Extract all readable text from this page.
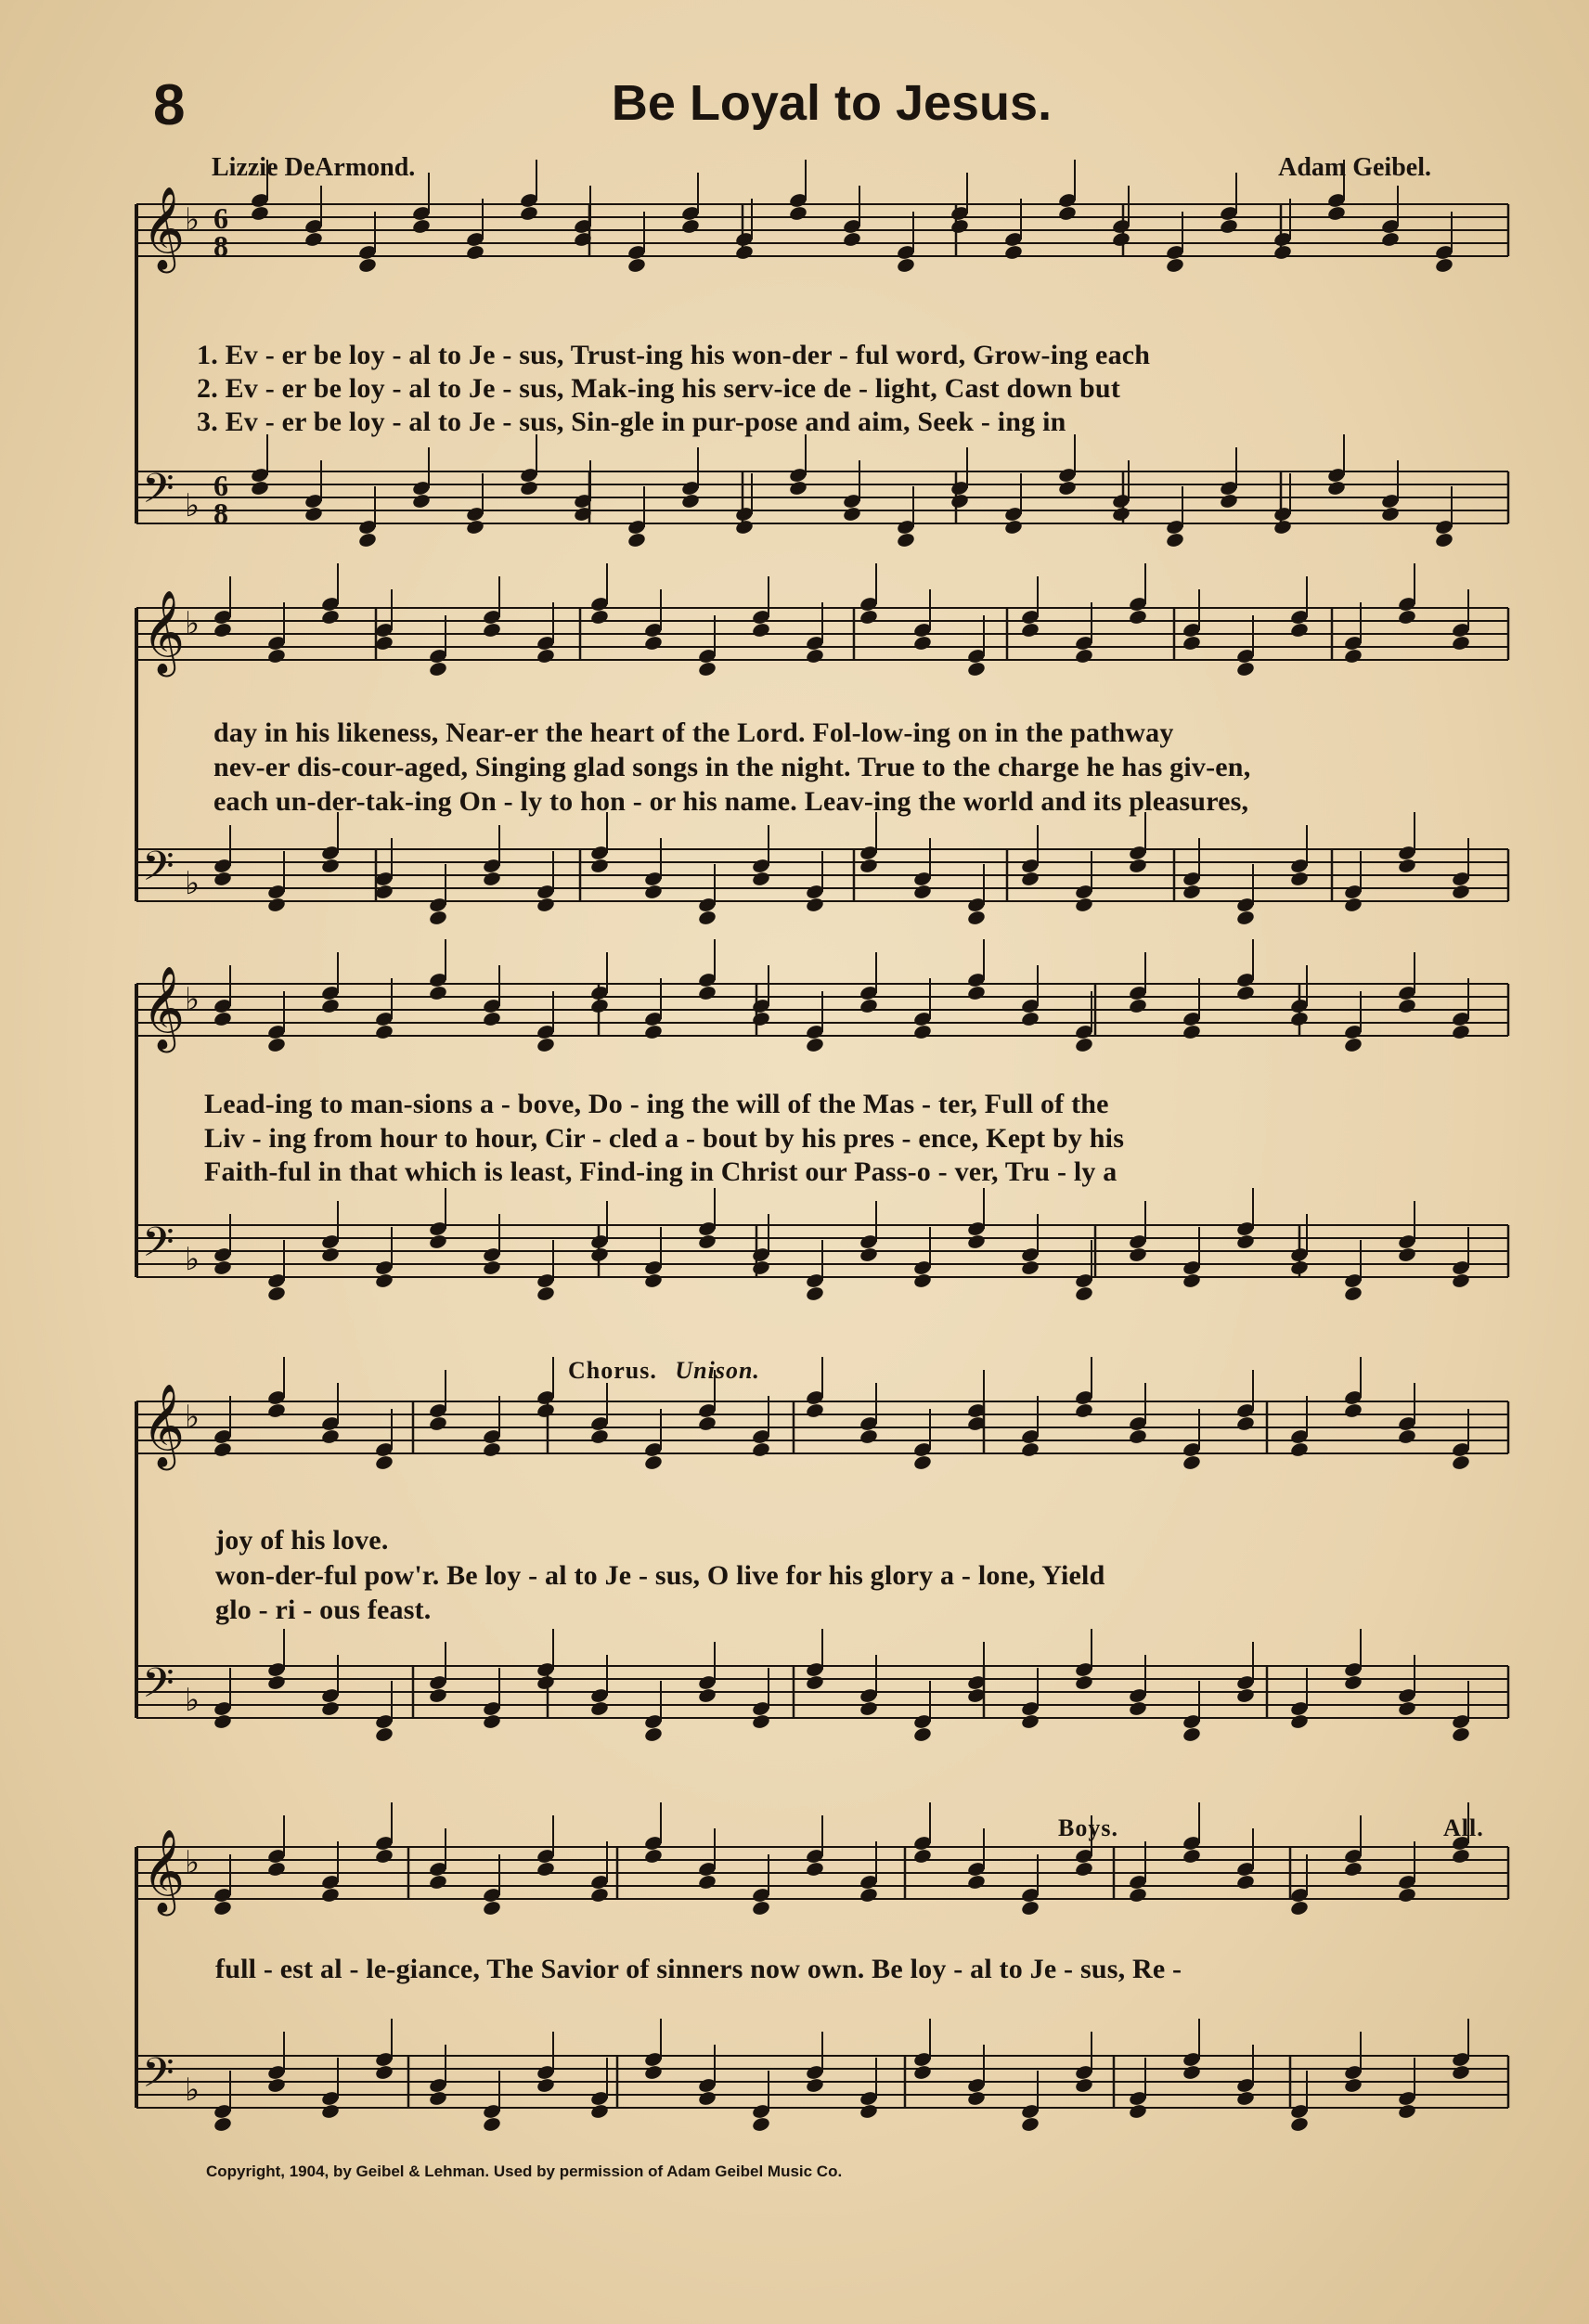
8	Be Loyal to Jesus.
Lizzie DeArmond.	Adam Geibel.
𝄞 ♭
𝄢 ♭
6
8
6
8
1. Ev - er be loy - al to Je - sus, Trust-ing his won-der - ful word, Grow-ing each
2. Ev - er be loy - al to Je - sus, Mak-ing his serv-ice de - light, Cast down but
3. Ev - er be loy - al to Je - sus, Sin-gle in pur-pose and aim, Seek - ing in
𝄞 ♭
𝄢 ♭
day in his likeness, Near-er the heart of the Lord. Fol-low-ing on in the pathway
nev-er dis-cour-aged, Singing glad songs in the night. True to the charge he has giv-en,
each un-der-tak-ing On - ly to hon - or his name. Leav-ing the world and its pleasures,
𝄞 ♭
𝄢 ♭
Lead-ing to man-sions a - bove, Do - ing the will of the Mas - ter, Full of the
Liv - ing from hour to hour, Cir - cled a - bout by his pres - ence, Kept by his
Faith-ful in that which is least, Find-ing in Christ our Pass-o - ver, Tru - ly a
𝄞 ♭
𝄢 ♭
Chorus. Unison.
joy of his love.
won-der-ful pow'r. Be loy - al to Je - sus, O live for his glory a - lone, Yield
glo - ri - ous feast.
𝄞 ♭
𝄢 ♭
Boys.	All.
full - est al - le-giance, The Savior of sinners now own. Be loy - al to Je - sus, Re -
Copyright, 1904, by Geibel & Lehman. Used by permission of Adam Geibel Music Co.
